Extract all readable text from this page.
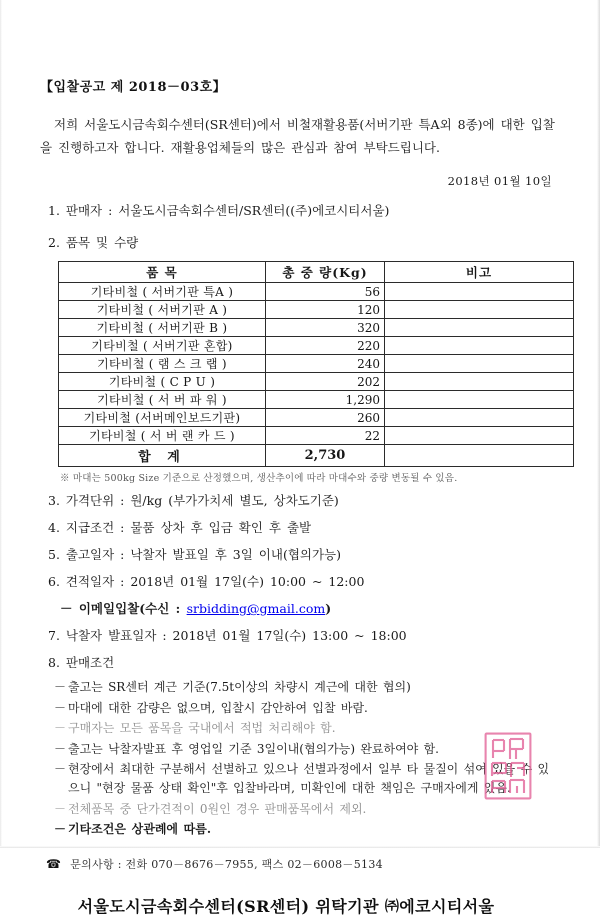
【입찰공고 제 2018－03호】
저희 서울도시금속회수센터(SR센터)에서 비철재활용품(서버기판 특A외 8종)에 대한 입찰을 진행하고자 합니다. 재활용업체들의 많은 관심과 참여 부탁드립니다.
2018년 01월 10일
1. 판매자 : 서울도시금속회수센터/SR센터((주)에코시티서울)
2. 품목 및 수량
품 목	총 중 량(Kg)	비고
기타비철 ( 서버기판 특A )	56	
기타비철 ( 서버기판 A )	120	
기타비철 ( 서버기판 B )	320	
기타비철 ( 서버기판 혼합)	220	
기타비철 ( 램 스 크 랩 )	240	
기타비철 ( C P U )	202	
기타비철 ( 서 버 파 워 )	1,290	
기타비철 (서버메인보드기판)	260	
기타비철 ( 서 버 랜 카 드 )	22	
합 계	2,730	
※ 마대는 500kg Size 기준으로 산정했으며, 생산추이에 따라 마대수와 중량 변동될 수 있음.
3. 가격단위 : 원/kg (부가가치세 별도, 상차도기준)
4. 지급조건 : 물품 상차 후 입금 확인 후 출발
5. 출고일자 : 낙찰자 발표일 후 3일 이내(협의가능)
6. 견적일자 : 2018년 01월 17일(수) 10:00 ~ 12:00
－ 이메일입찰(수신 : srbidding@gmail.com)
7. 낙찰자 발표일자 : 2018년 01월 17일(수) 13:00 ~ 18:00
8. 판매조건
－ 출고는 SR센터 계근 기준(7.5t이상의 차량시 계근에 대한 협의)
－ 마대에 대한 감량은 없으며, 입찰시 감안하여 입찰 바람.
－ 구매자는 모든 품목을 국내에서 적법 처리해야 함.
－ 출고는 낙찰자발표 후 영업일 기준 3일이내(협의가능) 완료하여야 함.
－ 현장에서 최대한 구분해서 선별하고 있으나 선별과정에서 일부 타 물질이 섞여 있을 수 있으니 "현장 물품 상태 확인"후 입찰바라며, 미확인에 대한 책임은 구매자에게 있음.
－ 전체품목 중 단가견적이 0원인 경우 판매품목에서 제외.
－ 기타조건은 상관례에 따름.
☎ 문의사항 : 전화 070－8676－7955, 팩스 02－6008－5134
서울도시금속회수센터(SR센터) 위탁기관 ㈜에코시티서울
